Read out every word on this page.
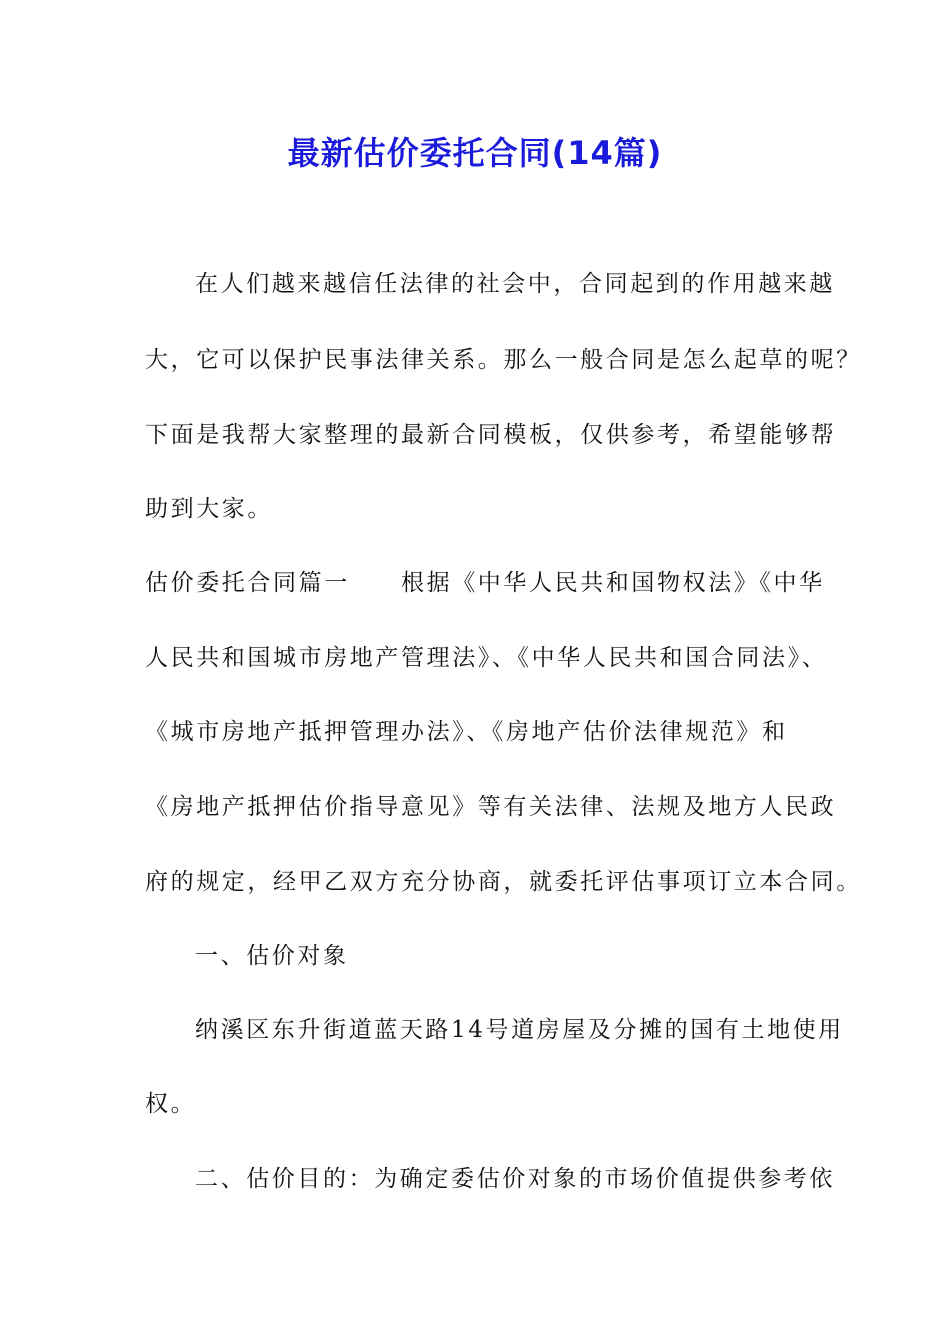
最新估价委托合同(14篇)
在人们越来越信任法律的社会中，合同起到的作用越来越
大，它可以保护民事法律关系。那么一般合同是怎么起草的呢？
下面是我帮大家整理的最新合同模板，仅供参考，希望能够帮
助到大家。
估价委托合同篇一　　根据《中华人民共和国物权法》《中华
人民共和国城市房地产管理法》、《中华人民共和国合同法》、
《城市房地产抵押管理办法》、《房地产估价法律规范》和
《房地产抵押估价指导意见》等有关法律、法规及地方人民政
府的规定，经甲乙双方充分协商，就委托评估事项订立本合同。
一、估价对象
纳溪区东升街道蓝天路14号道房屋及分摊的国有土地使用
权。
二、估价目的：为确定委估价对象的市场价值提供参考依
